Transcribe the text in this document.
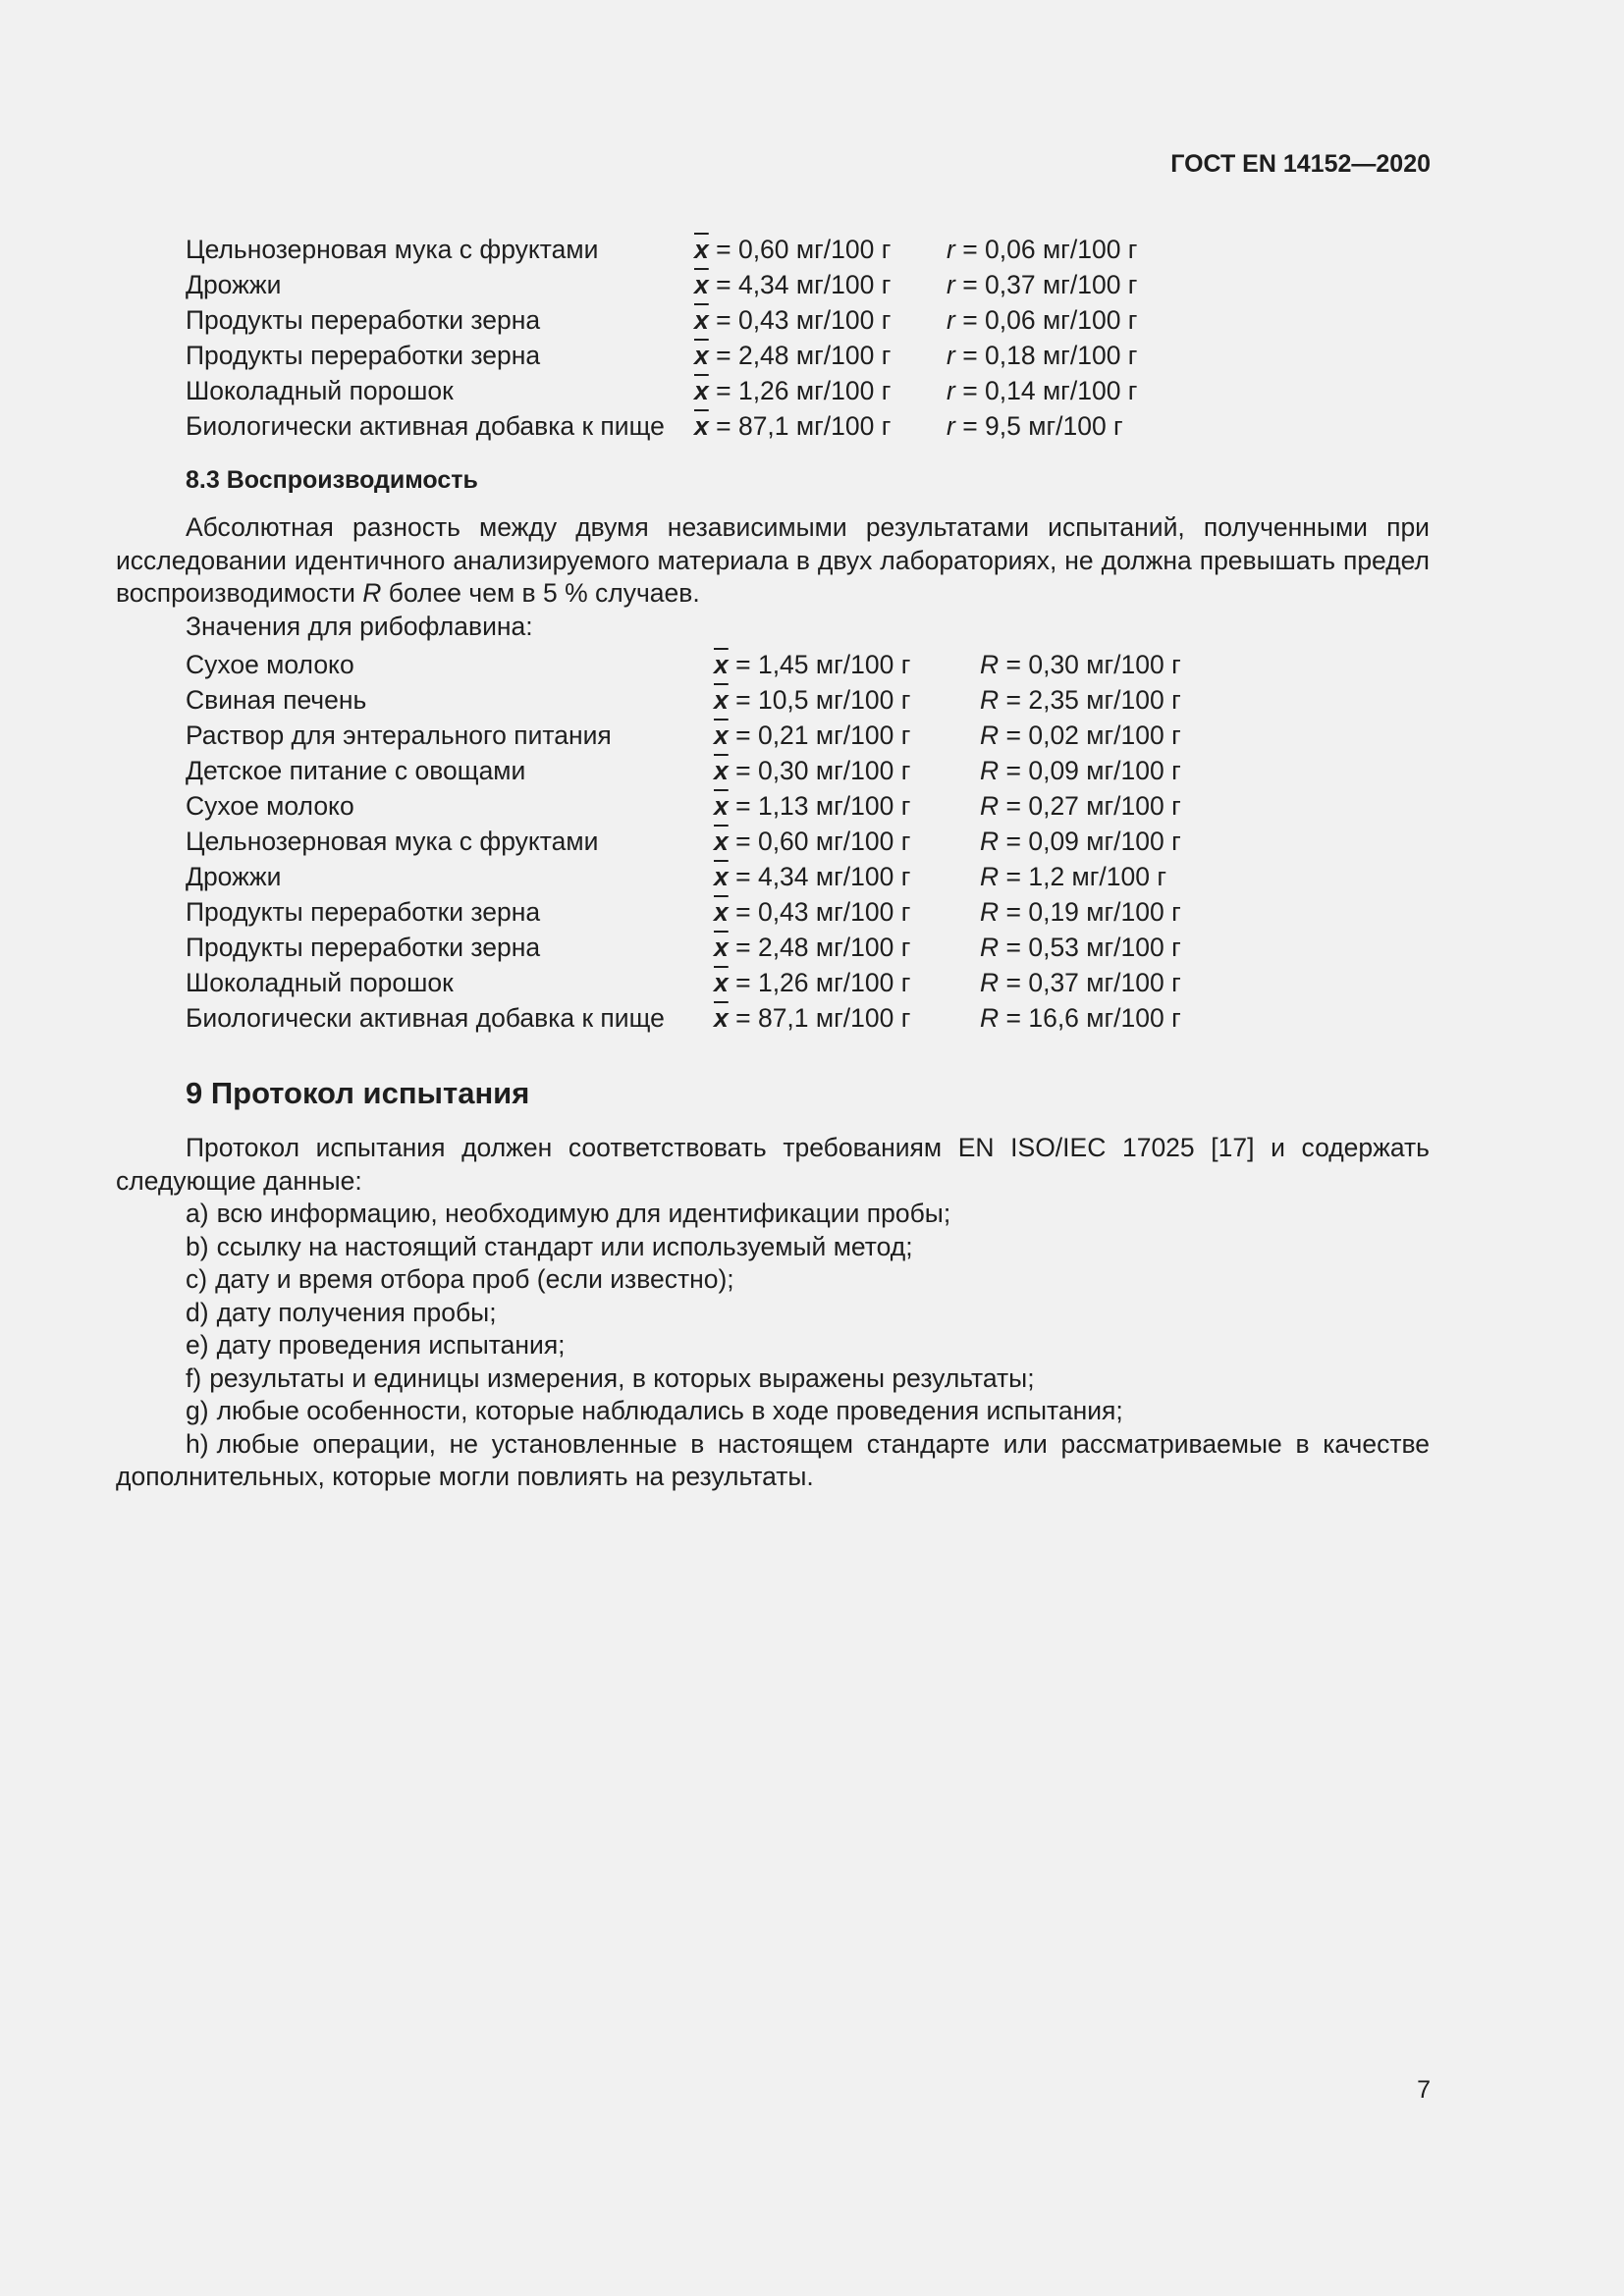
ГОСТ EN 14152—2020
Цельнозерновая мука с фруктами	$\overline{x} = 0,60$ мг/100 г r = 0,06 мг/100 г
Дрожжи	$\overline{x} = 4,34$ мг/100 г r = 0,37 мг/100 г
Продукты переработки зерна	$\overline{x} = 0,43$ мг/100 г r = 0,06 мг/100 г
Продукты переработки зерна	$\overline{x} = 2,48$ мг/100 г r = 0,18 мг/100 г
Шоколадный порошок	$\overline{x} = 1,26$ мг/100 г r = 0,14 мг/100 г
Биологически активная добавка к пище $\overline{x} = 87,1$ мг/100 г r = 9,5 мг/100 г
8.3 Воспроизводимость

Абсолютная разность между двумя независимыми результатами испытаний, полученными при исследовании идентичного анализируемого материала в двух лабораториях, не должна превышать предел воспроизводимости R более чем в 5 % случаев.

Значения для рибофлавина:
Сухое молоко	$\overline{x} = 1,45$ мг/100 г	R = 0,30 мг/100 г
Свиная печень	$\overline{x} = 10,5$ мг/100 г	R = 2,35 мг/100 г
Раствор для энтерального питания	$\overline{x} = 0,21$ мг/100 г	R = 0,02 мг/100 г
Детское питание с овощами	$\overline{x} = 0,30$ мг/100 г	R = 0,09 мг/100 г
Сухое молоко	$\overline{x} = 1,13$ мг/100 г	R = 0,27 мг/100 г
Цельнозерновая мука с фруктами	$\overline{x} = 0,60$ мг/100 г	R = 0,09 мг/100 г
Дрожжи	$\overline{x} = 4,34$ мг/100 г	R = 1,2 мг/100 г
Продукты переработки зерна	$\overline{x} = 0,43$ мг/100 г	R = 0,19 мг/100 г
Продукты переработки зерна	$\overline{x} = 2,48$ мг/100 г	R = 0,53 мг/100 г
Шоколадный порошок	$\overline{x} = 1,26$ мг/100 г	R = 0,37 мг/100 г
Биологически активная добавка к пище $\overline{x} = 87,1$ мг/100 г	R = 16,6 мг/100 г
9 Протокол испытания

Протокол испытания должен соответствовать требованиям EN ISO/IEC 17025 [17] и содержать следующие данные:

a) всю информацию, необходимую для идентификации пробы;
b) ссылку на настоящий стандарт или используемый метод;
c) дату и время отбора проб (если известно);
d) дату получения пробы;
e) дату проведения испытания;
f) результаты и единицы измерения, в которых выражены результаты;
g) любые особенности, которые наблюдались в ходе проведения испытания;
h) любые операции, не установленные в настоящем стандарте или рассматриваемые в качестве дополнительных, которые могли повлиять на результаты.
7
